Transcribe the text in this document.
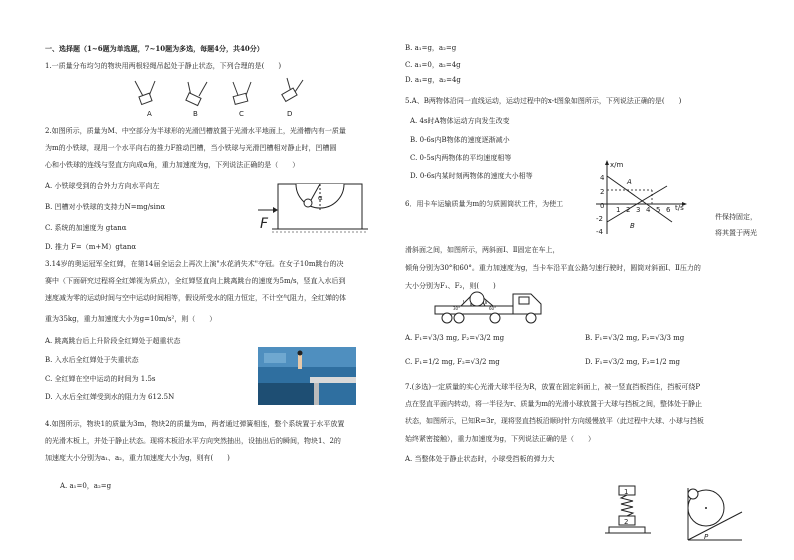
一、选择题（1~6题为单选题，7~10题为多选，每题4分，共40分）
1.一质量分布均匀的物块用两根轻绳吊起处于静止状态，下列合理的是(　　)
A	B	C	D
2.如图所示，质量为M、中空部分为半球形的光滑凹槽放置于光滑水平地面上，光滑槽内有一质量
为m的小铁球，现用一个水平向右的推力F推动凹槽，当小铁球与光滑凹槽相对静止时，凹槽圆
心和小铁球的连线与竖直方向成α角，重力加速度为g，下列说法正确的是（　　）
A. 小铁球受到的合外力方向水平向左
B. 凹槽对小铁球的支持力N=mg/sinα
C. 系统的加速度为 gtanα
D. 推力 F=（m+M）gtanα
α
F
3.14岁的奥运冠军全红婵，在第14届全运会上再次上演"水花消失术"夺冠。在女子10m跳台的决
赛中（下面研究过程将全红婵视为质点），全红婵竖直向上跳离跳台的速度为5m/s，竖直入水后到
速度减为零的运动时间与空中运动时间相等，假设所受水的阻力恒定，不计空气阻力，全红婵的体
重为35kg，重力加速度大小为g=10m/s²，则（　　）
A. 跳离跳台后上升阶段全红婵处于超重状态
B. 入水后全红婵处于失重状态
C. 全红婵在空中运动的时间为 1.5s
D. 入水后全红婵受到水的阻力为 612.5N
4.如图所示，物块1的质量为3m，物块2的质量为m，两者通过弹簧相连，整个系统置于水平放置
的光滑木板上，并处于静止状态。现将木板沿水平方向突然抽出，设抽出后的瞬间，物块1、2的
加速度大小分别为a₁、a₂，重力加速度大小为g，则有(　　)
A. a₁=0，a₂=g
B. a₁=g，a₂=g
C. a₁=0，a₂=4g
D. a₁=g，a₂=4g
5.A、B两物体沿同一直线运动，运动过程中的x-t图象如图所示，下列说法正确的是(　　)
A. 4s时A物体运动方向发生改变
B. 0-6s内B物体的速度逐渐减小
C. 0-5s内两物体的平均速度相等
D. 0-6s内某时刻两物体的速度大小相等
x/m
t/s
4
2
0
-2
-4
1 2 3 4 5 6
A
B
6．用卡车运输质量为m的匀质圆筒状工件，为使工
件保持固定，
将其置于两光
滑斜面之间，如图所示，两斜面Ⅰ、Ⅱ固定在车上，
倾角分别为30°和60°。重力加速度为g，当卡车沿平直公路匀速行驶时，圆筒对斜面Ⅰ、Ⅱ压力的
大小分别为F₁、F₂，则(　　)
Ⅰ	Ⅱ
30°	60°
A. F₁=√3/3 mg, F₂=√3/2 mg	B. F₁=√3/2 mg, F₂=√3/3 mg
C. F₁=1/2 mg, F₂=√3/2 mg	D. F₁=√3/2 mg, F₂=1/2 mg
7.(多选)一定质量的实心光滑大球半径为R，放置在固定斜面上，被一竖直挡板挡住，挡板可绕P
点在竖直平面内转动，将一半径为r、质量为m的光滑小球放置于大球与挡板之间，整体处于静止
状态，如图所示，已知R=3r，现将竖直挡板沿顺时针方向缓慢放平（此过程中大球、小球与挡板
始终紧密接触），重力加速度为g，下列说法正确的是（　　）
A. 当整体处于静止状态时，小球受挡板的弹力大
1
2
P
